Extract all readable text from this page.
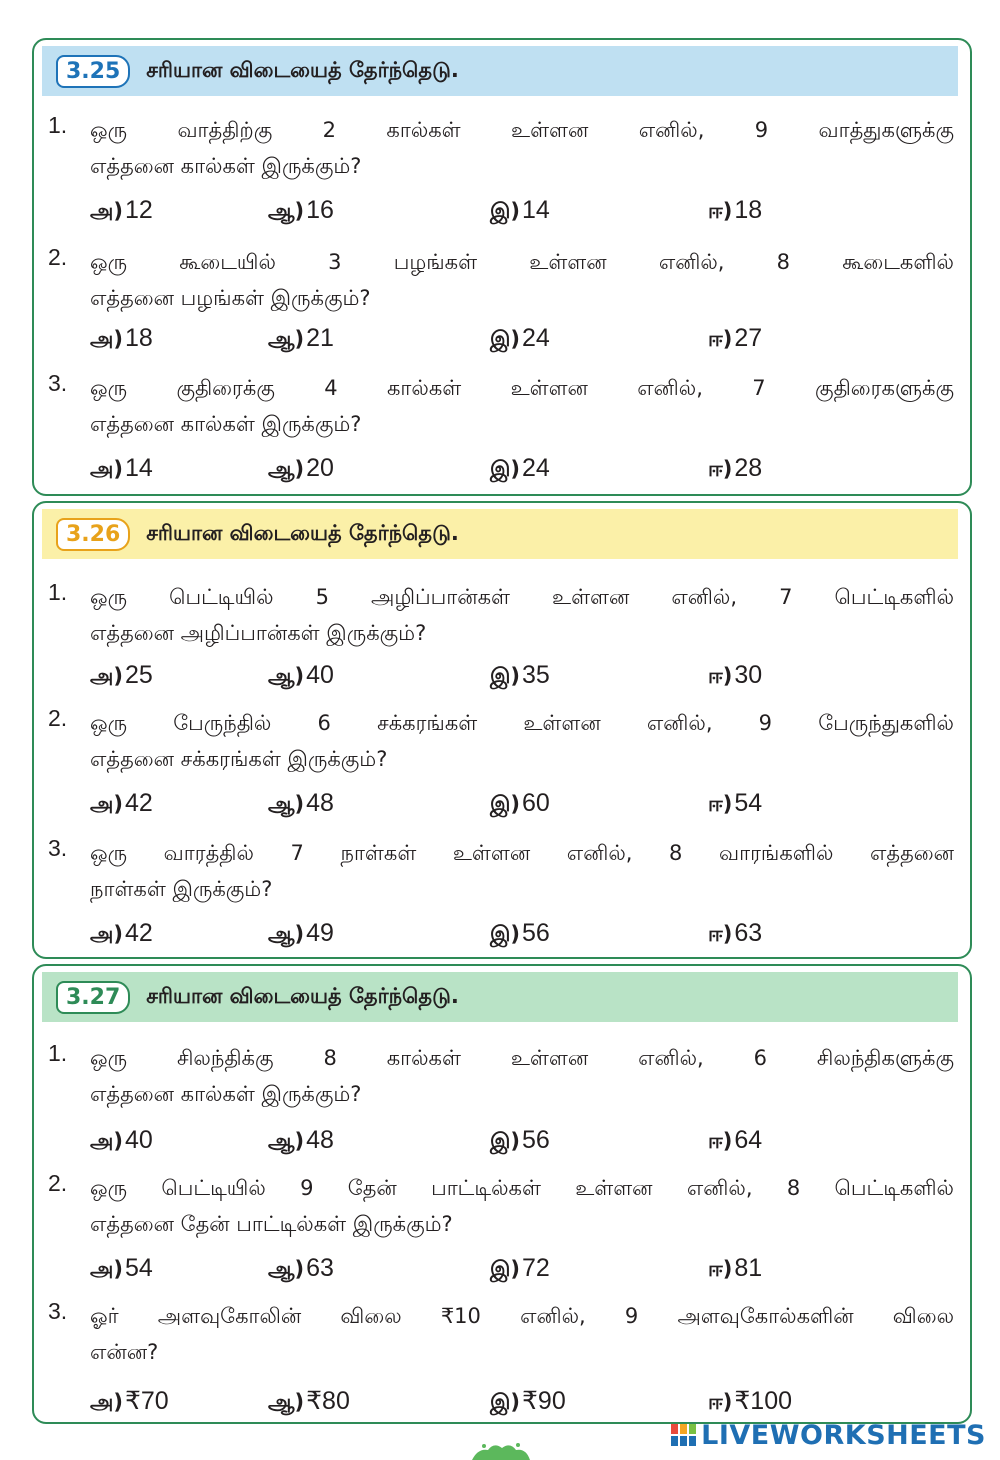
3.25	சரியான விடையைத் தேர்ந்தெடு.
1. ஒரு வாத்திற்கு 2 கால்கள் உள்ளன எனில், 9 வாத்துகளுக்கு
எத்தனை கால்கள் இருக்கும்?
அ)12	ஆ)16	இ)14	ஈ)18
2. ஒரு கூடையில் 3 பழங்கள் உள்ளன எனில், 8 கூடைகளில்
எத்தனை பழங்கள் இருக்கும்?
அ)18	ஆ)21	இ)24	ஈ)27
3. ஒரு குதிரைக்கு 4 கால்கள் உள்ளன எனில், 7 குதிரைகளுக்கு
எத்தனை கால்கள் இருக்கும்?
அ)14	ஆ)20	இ)24	ஈ)28
3.26	சரியான விடையைத் தேர்ந்தெடு.
1. ஒரு பெட்டியில் 5 அழிப்பான்கள் உள்ளன எனில், 7 பெட்டிகளில்
எத்தனை அழிப்பான்கள் இருக்கும்?
அ)25	ஆ)40	இ)35	ஈ)30
2. ஒரு பேருந்தில் 6 சக்கரங்கள் உள்ளன எனில், 9 பேருந்துகளில்
எத்தனை சக்கரங்கள் இருக்கும்?
அ)42	ஆ)48	இ)60	ஈ)54
3. ஒரு வாரத்தில் 7 நாள்கள் உள்ளன எனில், 8 வாரங்களில் எத்தனை
நாள்கள் இருக்கும்?
அ)42	ஆ)49	இ)56	ஈ)63
3.27	சரியான விடையைத் தேர்ந்தெடு.
1. ஒரு சிலந்திக்கு 8 கால்கள் உள்ளன எனில், 6 சிலந்திகளுக்கு
எத்தனை கால்கள் இருக்கும்?
அ)40	ஆ)48	இ)56	ஈ)64
2. ஒரு பெட்டியில் 9 தேன் பாட்டில்கள் உள்ளன எனில், 8 பெட்டிகளில்
எத்தனை தேன் பாட்டில்கள் இருக்கும்?
அ)54	ஆ)63	இ)72	ஈ)81
3. ஓர் அளவுகோலின் விலை ₹10 எனில், 9 அளவுகோல்களின் விலை
என்ன?
அ)₹70	ஆ)₹80	இ)₹90	ஈ)₹100
LIVEWORKSHEETS
